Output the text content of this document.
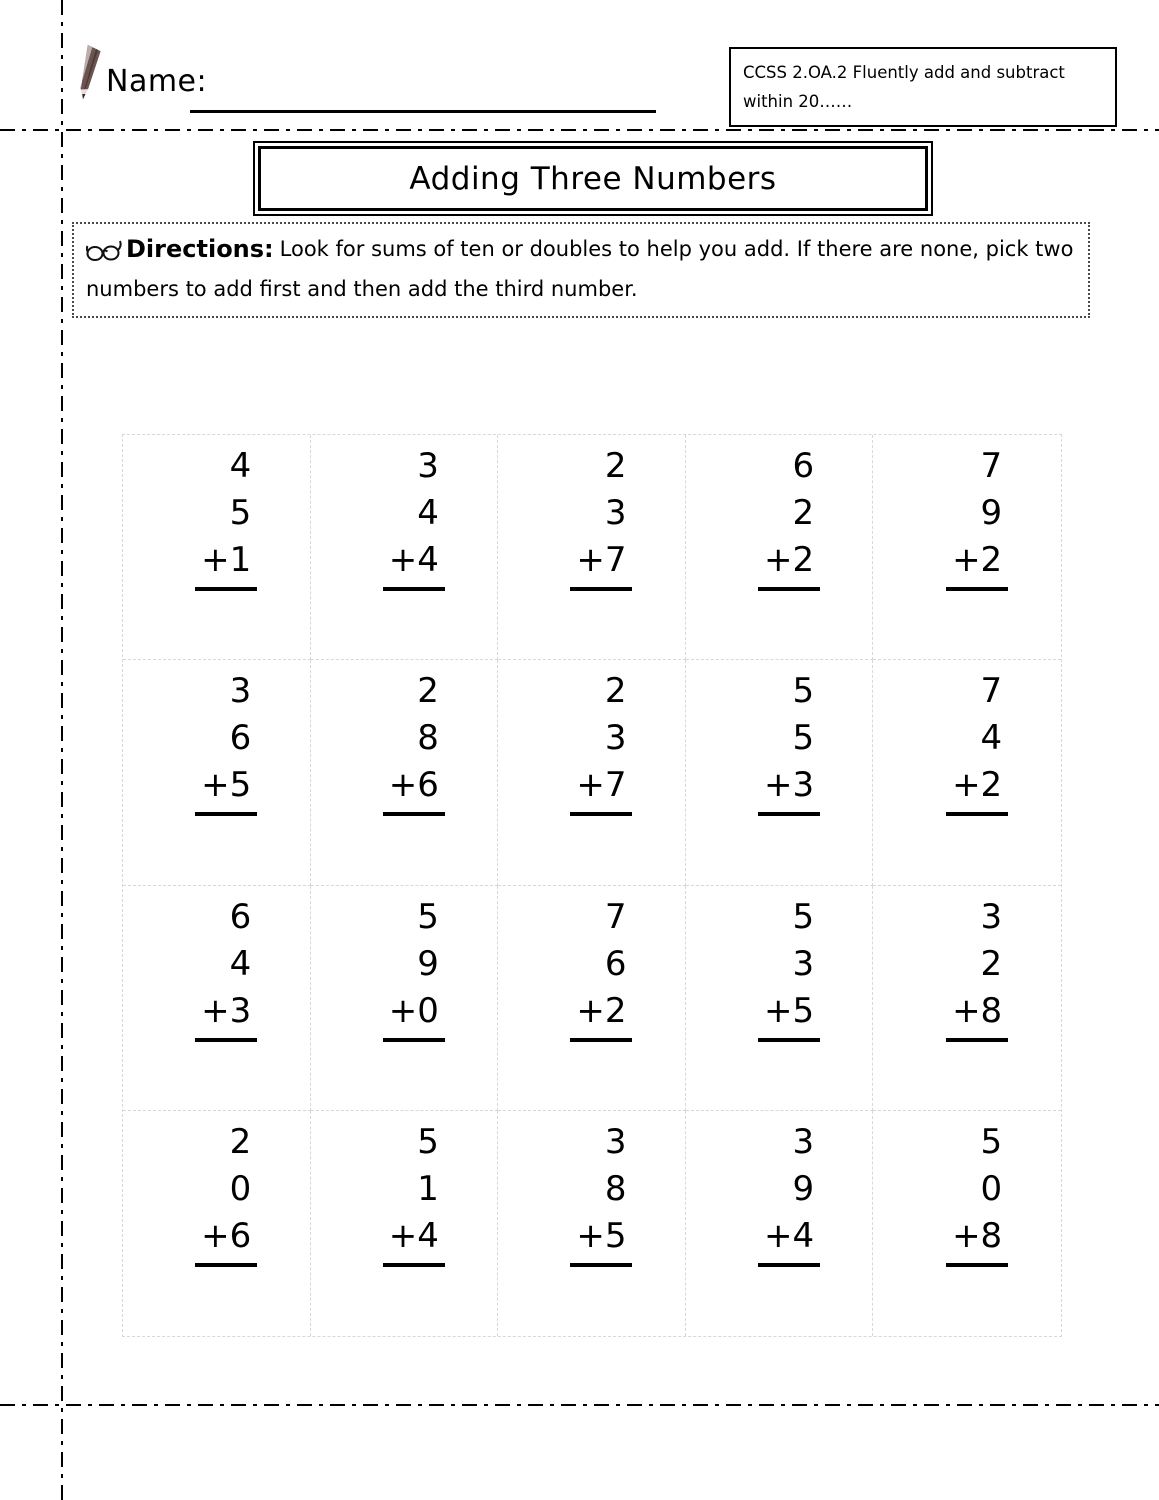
Name:	CCSS 2.OA.2 Fluently add and subtract
within 20……
Adding Three Numbers
Directions: Look for sums of ten or doubles to help you add. If there are none, pick two
numbers to add first and then add the third number.
4
5
+1
3
4
+4
2
3
+7
6
2
+2
7
9
+2
3
6
+5
2
8
+6
2
3
+7
5
5
+3
7
4
+2
6
4
+3
5
9
+0
7
6
+2
5
3
+5
3
2
+8
2
0
+6
5
1
+4
3
8
+5
3
9
+4
5
0
+8
